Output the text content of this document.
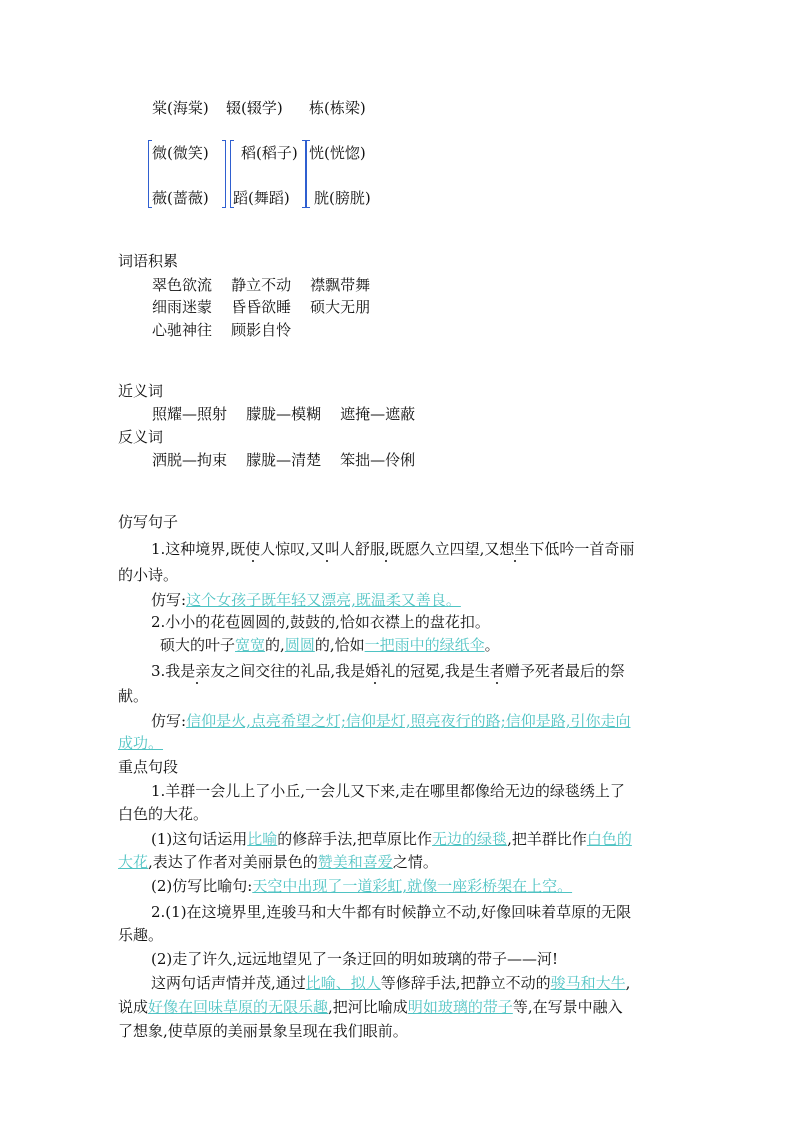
棠(海棠) 辍(辍学) 栋(栋梁)
微(微笑) 稻(稻子) 恍(恍惚)
薇(蔷薇) 蹈(舞蹈) 胱(膀胱)
词语积累
翠色欲流    静立不动    襟飘带舞
细雨迷蒙    昏昏欲睡    硕大无朋
心驰神往    顾影自怜
近义词
照耀—照射    朦胧—模糊    遮掩—遮蔽
反义词
洒脱—拘束    朦胧—清楚    笨拙—伶俐
仿写句子
1.这种境界,既使人惊叹,又叫人舒服,既愿久立四望,又想坐下低吟一首奇丽
的小诗。
仿写:这个女孩子既年轻又漂亮,既温柔又善良。
2.小小的花苞圆圆的,鼓鼓的,恰如衣襟上的盘花扣。
硕大的叶子宽宽的,圆圆的,恰如一把雨中的绿纸伞。
3.我是亲友之间交往的礼品,我是婚礼的冠冕,我是生者赠予死者最后的祭
献。
仿写:信仰是火,点亮希望之灯;信仰是灯,照亮夜行的路;信仰是路,引你走向
成功。
重点句段
1.羊群一会儿上了小丘,一会儿又下来,走在哪里都像给无边的绿毯绣上了
白色的大花。
(1)这句话运用比喻的修辞手法,把草原比作无边的绿毯,把羊群比作白色的
大花,表达了作者对美丽景色的赞美和喜爱之情。
(2)仿写比喻句:天空中出现了一道彩虹,就像一座彩桥架在上空。
2.(1)在这境界里,连骏马和大牛都有时候静立不动,好像回味着草原的无限
乐趣。
(2)走了许久,远远地望见了一条迂回的明如玻璃的带子——河!
这两句话声情并茂,通过比喻、拟人等修辞手法,把静立不动的骏马和大牛,
说成好像在回味草原的无限乐趣,把河比喻成明如玻璃的带子等,在写景中融入
了想象,使草原的美丽景象呈现在我们眼前。
